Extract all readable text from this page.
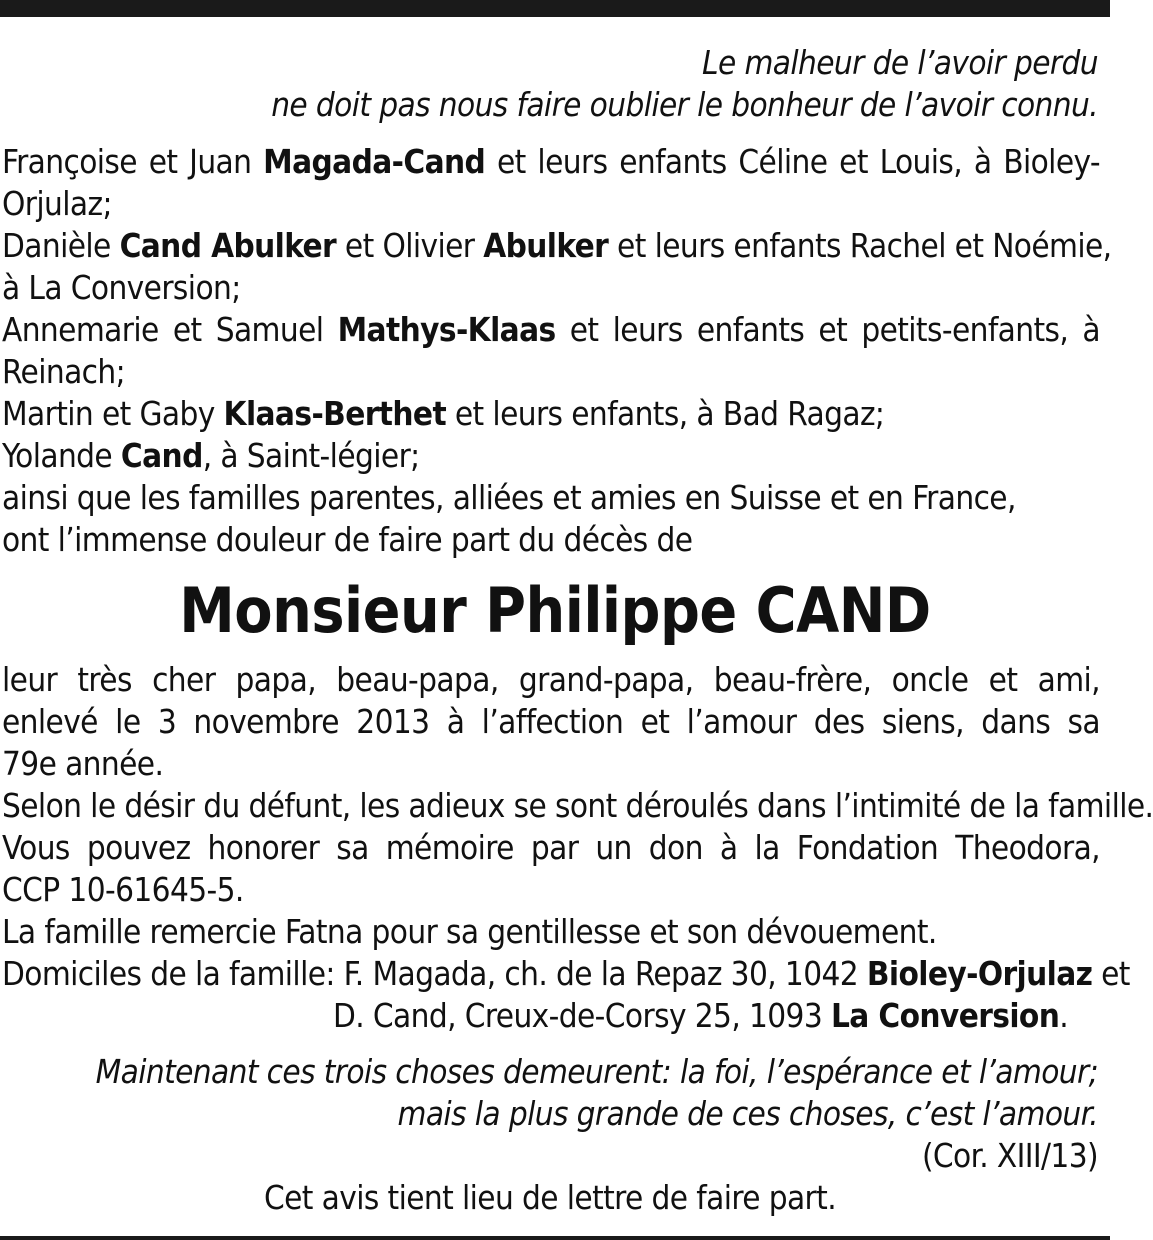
Le malheur de l’avoir perdu
ne doit pas nous faire oublier le bonheur de l’avoir connu.
Françoise et Juan Magada-Cand et leurs enfants Céline et Louis, à Bioley-
Orjulaz;
Danièle Cand Abulker et Olivier Abulker et leurs enfants Rachel et Noémie,
à La Conversion;
Annemarie et Samuel Mathys-Klaas et leurs enfants et petits-enfants, à
Reinach;
Martin et Gaby Klaas-Berthet et leurs enfants, à Bad Ragaz;
Yolande Cand, à Saint-légier;
ainsi que les familles parentes, alliées et amies en Suisse et en France,
ont l’immense douleur de faire part du décès de
Monsieur Philippe CAND
leur très cher papa, beau-papa, grand-papa, beau-frère, oncle et ami,
enlevé le 3 novembre 2013 à l’affection et l’amour des siens, dans sa
79e année.
Selon le désir du défunt, les adieux se sont déroulés dans l’intimité de la famille.
Vous pouvez honorer sa mémoire par un don à la Fondation Theodora,
CCP 10-61645-5.
La famille remercie Fatna pour sa gentillesse et son dévouement.
Domiciles de la famille: F. Magada, ch. de la Repaz 30, 1042 Bioley-Orjulaz et
D. Cand, Creux-de-Corsy 25, 1093 La Conversion.
Maintenant ces trois choses demeurent: la foi, l’espérance et l’amour;
mais la plus grande de ces choses, c’est l’amour.
(Cor. XIII/13)
Cet avis tient lieu de lettre de faire part.
